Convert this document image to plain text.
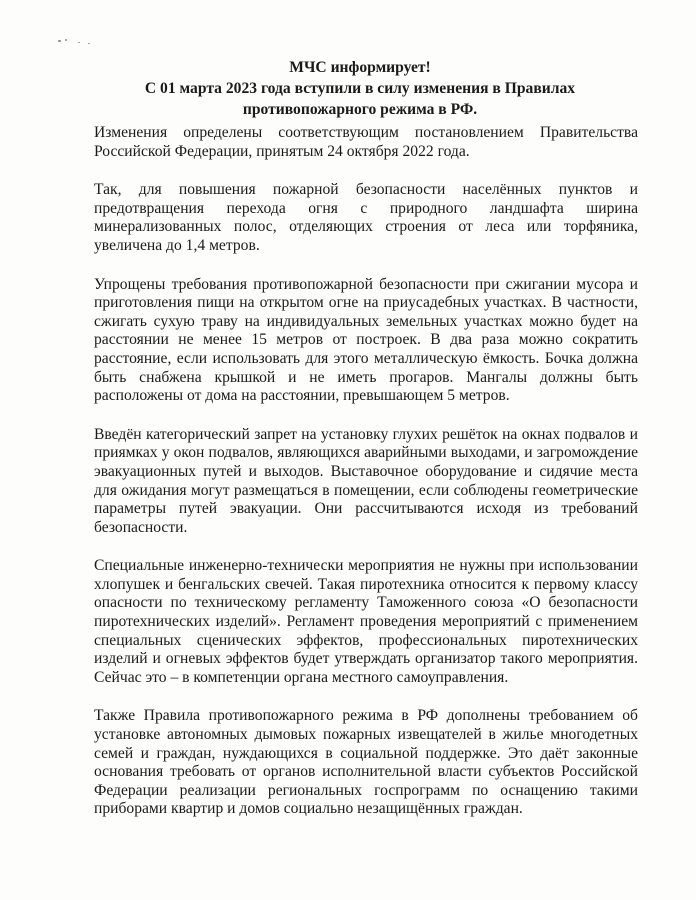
МЧС информирует!
С 01 марта 2023 года вступили в силу изменения в Правилах
противопожарного режима в РФ.

Изменения определены соответствующим постановлением Правительства Российской Федерации, принятым 24 октября 2022 года.

Так, для повышения пожарной безопасности населённых пунктов и предотвращения перехода огня с природного ландшафта ширина минерализованных полос, отделяющих строения от леса или торфяника, увеличена до 1,4 метров.

Упрощены требования противопожарной безопасности при сжигании мусора и приготовления пищи на открытом огне на приусадебных участках. В частности, сжигать сухую траву на индивидуальных земельных участках можно будет на расстоянии не менее 15 метров от построек. В два раза можно сократить расстояние, если использовать для этого металлическую ёмкость. Бочка должна быть снабжена крышкой и не иметь прогаров. Мангалы должны быть расположены от дома на расстоянии, превышающем 5 метров.

Введён категорический запрет на установку глухих решёток на окнах подвалов и приямках у окон подвалов, являющихся аварийными выходами, и загромождение эвакуационных путей и выходов. Выставочное оборудование и сидячие места для ожидания могут размещаться в помещении, если соблюдены геометрические параметры путей эвакуации. Они рассчитываются исходя из требований безопасности.

Специальные инженерно-технически мероприятия не нужны при использовании хлопушек и бенгальских свечей. Такая пиротехника относится к первому классу опасности по техническому регламенту Таможенного союза «О безопасности пиротехнических изделий». Регламент проведения мероприятий с применением специальных сценических эффектов, профессиональных пиротехнических изделий и огневых эффектов будет утверждать организатор такого мероприятия. Сейчас это – в компетенции органа местного самоуправления.

Также Правила противопожарного режима в РФ дополнены требованием об установке автономных дымовых пожарных извещателей в жилье многодетных семей и граждан, нуждающихся в социальной поддержке. Это даёт законные основания требовать от органов исполнительной власти субъектов Российской Федерации реализации региональных госпрограмм по оснащению такими приборами квартир и домов социально незащищённых граждан.
